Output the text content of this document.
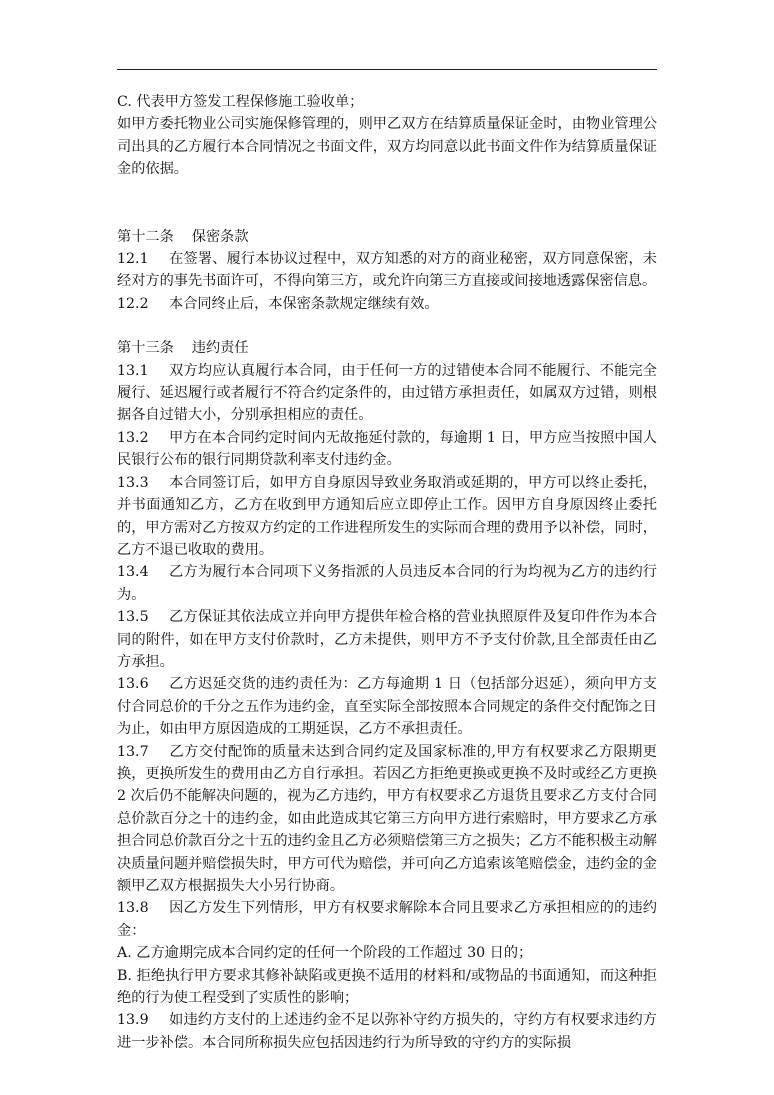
C. 代表甲方签发工程保修施工验收单；

如甲方委托物业公司实施保修管理的，则甲乙双方在结算质量保证金时，由物业管理公司出具的乙方履行本合同情况之书面文件，双方均同意以此书面文件作为结算质量保证金的依据。

第十二条 保密条款

12.1 在签署、履行本协议过程中，双方知悉的对方的商业秘密，双方同意保密，未经对方的事先书面许可，不得向第三方，或允许向第三方直接或间接地透露保密信息。

12.2 本合同终止后，本保密条款规定继续有效。

第十三条 违约责任

13.1 双方均应认真履行本合同，由于任何一方的过错使本合同不能履行、不能完全履行、延迟履行或者履行不符合约定条件的，由过错方承担责任，如属双方过错，则根据各自过错大小，分别承担相应的责任。

13.2 甲方在本合同约定时间内无故拖延付款的，每逾期 1 日，甲方应当按照中国人民银行公布的银行同期贷款利率支付违约金。

13.3 本合同签订后，如甲方自身原因导致业务取消或延期的，甲方可以终止委托，并书面通知乙方，乙方在收到甲方通知后应立即停止工作。因甲方自身原因终止委托的，甲方需对乙方按双方约定的工作进程所发生的实际而合理的费用予以补偿，同时，乙方不退已收取的费用。

13.4 乙方为履行本合同项下义务指派的人员违反本合同的行为均视为乙方的违约行为。

13.5 乙方保证其依法成立并向甲方提供年检合格的营业执照原件及复印件作为本合同的附件，如在甲方支付价款时，乙方未提供，则甲方不予支付价款,且全部责任由乙方承担。

13.6 乙方迟延交货的违约责任为：乙方每逾期 1 日（包括部分迟延），须向甲方支付合同总价的千分之五作为违约金，直至实际全部按照本合同规定的条件交付配饰之日为止，如由甲方原因造成的工期延误，乙方不承担责任。

13.7 乙方交付配饰的质量未达到合同约定及国家标准的,甲方有权要求乙方限期更换，更换所发生的费用由乙方自行承担。若因乙方拒绝更换或更换不及时或经乙方更换 2 次后仍不能解决问题的，视为乙方违约，甲方有权要求乙方退货且要求乙方支付合同总价款百分之十的违约金，如由此造成其它第三方向甲方进行索赔时，甲方要求乙方承担合同总价款百分之十五的违约金且乙方必须赔偿第三方之损失；乙方不能积极主动解决质量问题并赔偿损失时，甲方可代为赔偿，并可向乙方追索该笔赔偿金，违约金的金额甲乙双方根据损失大小另行协商。

13.8 因乙方发生下列情形，甲方有权要求解除本合同且要求乙方承担相应的的违约金：

A. 乙方逾期完成本合同约定的任何一个阶段的工作超过 30 日的；

B. 拒绝执行甲方要求其修补缺陷或更换不适用的材料和/或物品的书面通知，而这种拒绝的行为使工程受到了实质性的影响；

13.9 如违约方支付的上述违约金不足以弥补守约方损失的，守约方有权要求违约方进一步补偿。本合同所称损失应包括因违约行为所导致的守约方的实际损
